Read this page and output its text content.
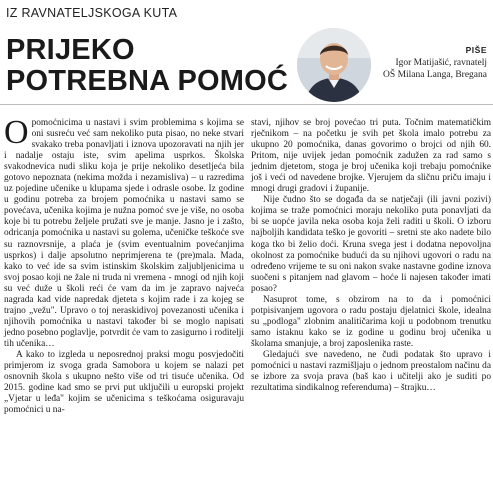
IZ RAVNATELJSKOGA KUTA
PRIJEKO
POTREBNA POMOĆ
PIŠE
Igor Matijašić, ravnatelj
OŠ Milana Langa, Bregana

Opomoćnicima u nastavi i svim problemima s kojima se oni susreću već sam nekoliko puta pisao, no neke stvari svakako treba ponavljati i iznova upozoravati na njih jer i nadalje ostaju iste, svim apelima usprkos. Školska svakodnevica nudi sliku koja je prije nekoliko desetljeća bila gotovo nepoznata (nekima možda i nezamisliva) – u razredima uz pojedine učenike u klupama sjede i odrasle osobe. Iz godine u godinu potreba za brojem pomoćnika u nastavi samo se povećava, učenika kojima je nužna pomoć sve je više, no osoba koje bi tu potrebu željele pružati sve je manje. Jasno je i zašto, odricanja pomoćnika u nastavi su golema, učeničke teškoće sve su raznovrsnije, a plaća je (svim eventualnim povećanjima usprkos) i dalje apsolutno neprimjerena te (pre)mala. Mada, kako to već ide sa svim istinskim školskim zaljubljenicima u svoj posao koji ne žale ni truda ni vremena - mnogi od njih koji su već duže u školi reći će vam da im je zapravo najveća nagrada kad vide napredak djeteta s kojim rade i za kojeg se trajno „vežu". Upravo o toj neraskidivoj povezanosti učenika i njihovih pomoćnika u nastavi također bi se moglo napisati jedno posebno poglavlje, potvrdit će vam to zasigurno i roditelji tih učenika…

A kako to izgleda u neposrednoj praksi mogu posvjedočiti primjerom iz svoga grada Samobora u kojem se nalazi pet osnovnih škola s ukupno nešto više od tri tisuće učenika. Od 2015. godine kad smo se prvi put uključili u europski projekt „Vjetar u leđa" kojim se učenicima s teškoćama osiguravaju pomoćnici u na-

stavi, njihov se broj povećao tri puta. Točnim matematičkim rječnikom – na početku je svih pet škola imalo potrebu za ukupno 20 pomoćnika, danas govorimo o brojci od njih 60. Pritom, nije uvijek jedan pomoćnik zadužen za rad samo s jednim djetetom, stoga je broj učenika koji trebaju pomoćnike još i veći od navedene brojke. Vjerujem da sličnu priču imaju i mnogi drugi gradovi i županije.

Nije čudno što se događa da se natječaji (ili javni pozivi) kojima se traže pomoćnici moraju nekoliko puta ponavljati da bi se uopće javila neka osoba koja želi raditi u školi. O izboru najboljih kandidata teško je govoriti – sretni ste ako nadete bilo koga tko bi želio doći. Kruna svega jest i dodatna nepovoljna okolnost za pomoćnike budući da su njihovi ugovori o radu na određeno vrijeme te su oni nakon svake nastavne godine iznova suočeni s pitanjem nad glavom – hoće li najesen također imati posao?

Nasuprot tome, s obzirom na to da i pomoćnici potpisivanjem ugovora o radu postaju djelatnici škole, idealna su „podloga" zlobnim analitičarima koji u podobnom trenutku samo istaknu kako se iz godine u godinu broj učenika u školama smanjuje, a broj zaposlenika raste.

Gledajući sve navedeno, ne čudi podatak što upravo i pomoćnici u nastavi razmišljaju o jednom preostalom načinu da se izbore za svoja prava (baš kao i učitelji ako je suditi po rezultatima sindikalnog referenduma) – štrajku…
